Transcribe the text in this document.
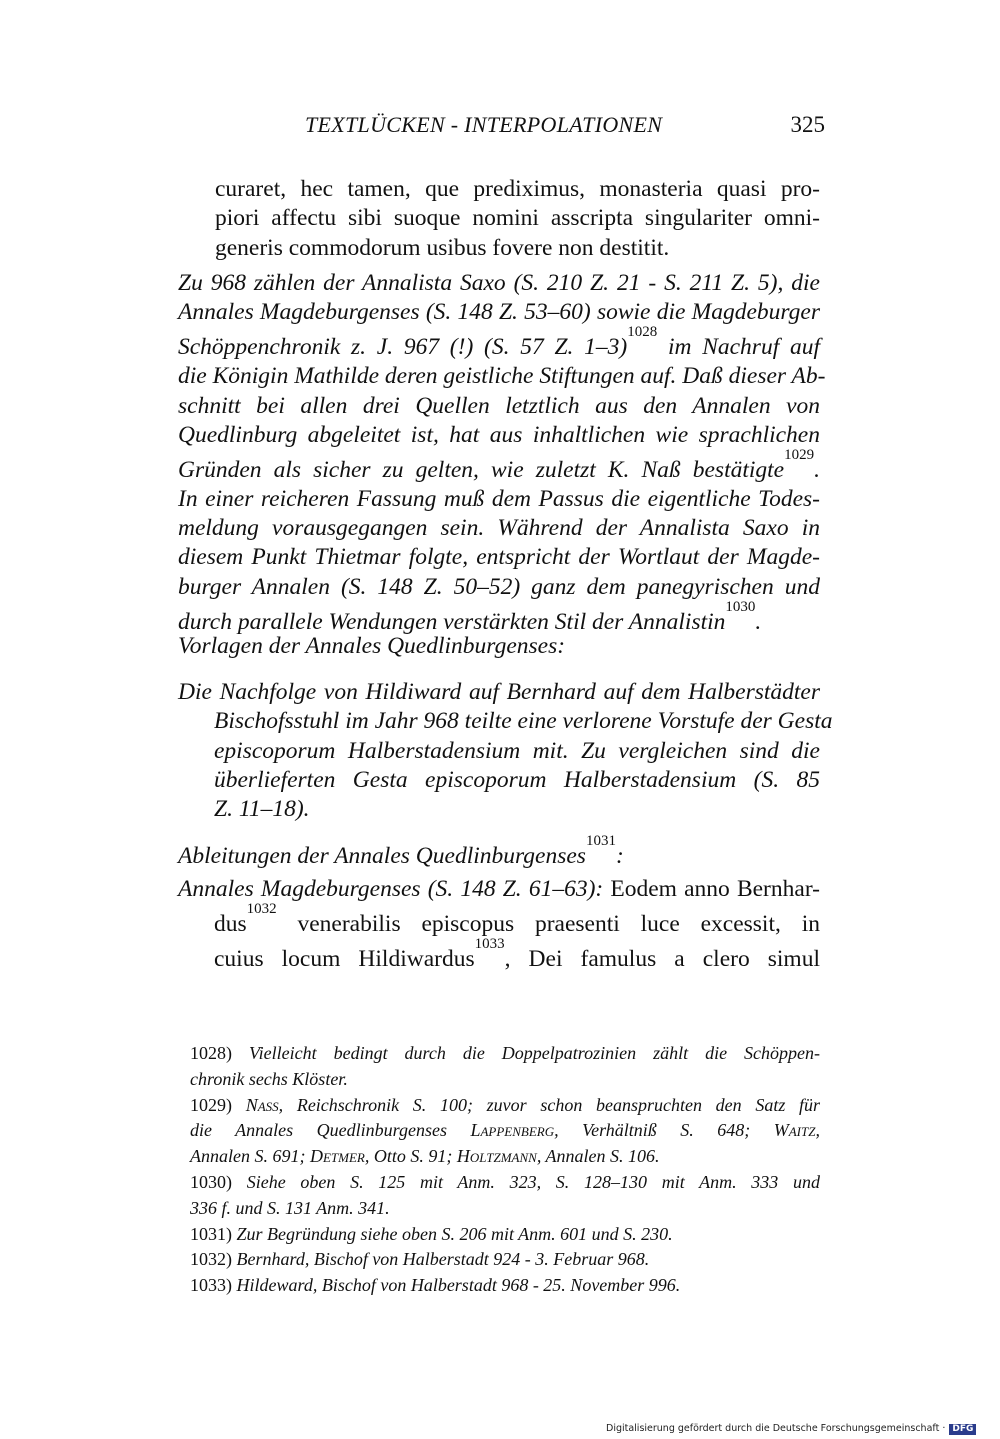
TEXTLÜCKEN - INTERPOLATIONEN	325
curaret, hec tamen, que prediximus, monasteria quasi pro-
piori affectu sibi suoque nomini asscripta singulariter omni-
generis commodorum usibus fovere non destitit.
Zu 968 zählen der Annalista Saxo (S. 210 Z. 21 - S. 211 Z. 5), die
Annales Magdeburgenses (S. 148 Z. 53–60) sowie die Magdeburger
Schöppenchronik z. J. 967 (!) (S. 57 Z. 1–3)$^{1028}$ im Nachruf auf
die Königin Mathilde deren geistliche Stiftungen auf. Daß dieser Ab-
schnitt bei allen drei Quellen letztlich aus den Annalen von
Quedlinburg abgeleitet ist, hat aus inhaltlichen wie sprachlichen
Gründen als sicher zu gelten, wie zuletzt K. Naß bestätigte$^{1029}$.
In einer reicheren Fassung muß dem Passus die eigentliche Todes-
meldung vorausgegangen sein. Während der Annalista Saxo in
diesem Punkt Thietmar folgte, entspricht der Wortlaut der Magde-
burger Annalen (S. 148 Z. 50–52) ganz dem panegyrischen und
durch parallele Wendungen verstärkten Stil der Annalistin$^{1030}$.
Vorlagen der Annales Quedlinburgenses:
Die Nachfolge von Hildiward auf Bernhard auf dem Halberstädter
Bischofsstuhl im Jahr 968 teilte eine verlorene Vorstufe der Gesta
episcoporum Halberstadensium mit. Zu vergleichen sind die
überlieferten Gesta episcoporum Halberstadensium (S. 85
Z. 11–18).
Ableitungen der Annales Quedlinburgenses$^{1031}$:
Annales Magdeburgenses (S. 148 Z. 61–63): Eodem anno Bernhar-
dus$^{1032}$ venerabilis episcopus praesenti luce excessit, in
cuius locum Hildiwardus$^{1033}$, Dei famulus a clero simul
1028) Vielleicht bedingt durch die Doppelpatrozinien zählt die Schöppen-
chronik sechs Klöster.
1029) Nass, Reichschronik S. 100; zuvor schon beanspruchten den Satz für
die Annales Quedlinburgenses Lappenberg, Verhältniß S. 648; Waitz,
Annalen S. 691; Detmer, Otto S. 91; Holtzmann, Annalen S. 106.
1030) Siehe oben S. 125 mit Anm. 323, S. 128–130 mit Anm. 333 und
336 f. und S. 131 Anm. 341.
1031) Zur Begründung siehe oben S. 206 mit Anm. 601 und S. 230.
1032) Bernhard, Bischof von Halberstadt 924 - 3. Februar 968.
1033) Hildeward, Bischof von Halberstadt 968 - 25. November 996.
Digitalisierung gefördert durch die Deutsche Forschungsgemeinschaft · DFG
